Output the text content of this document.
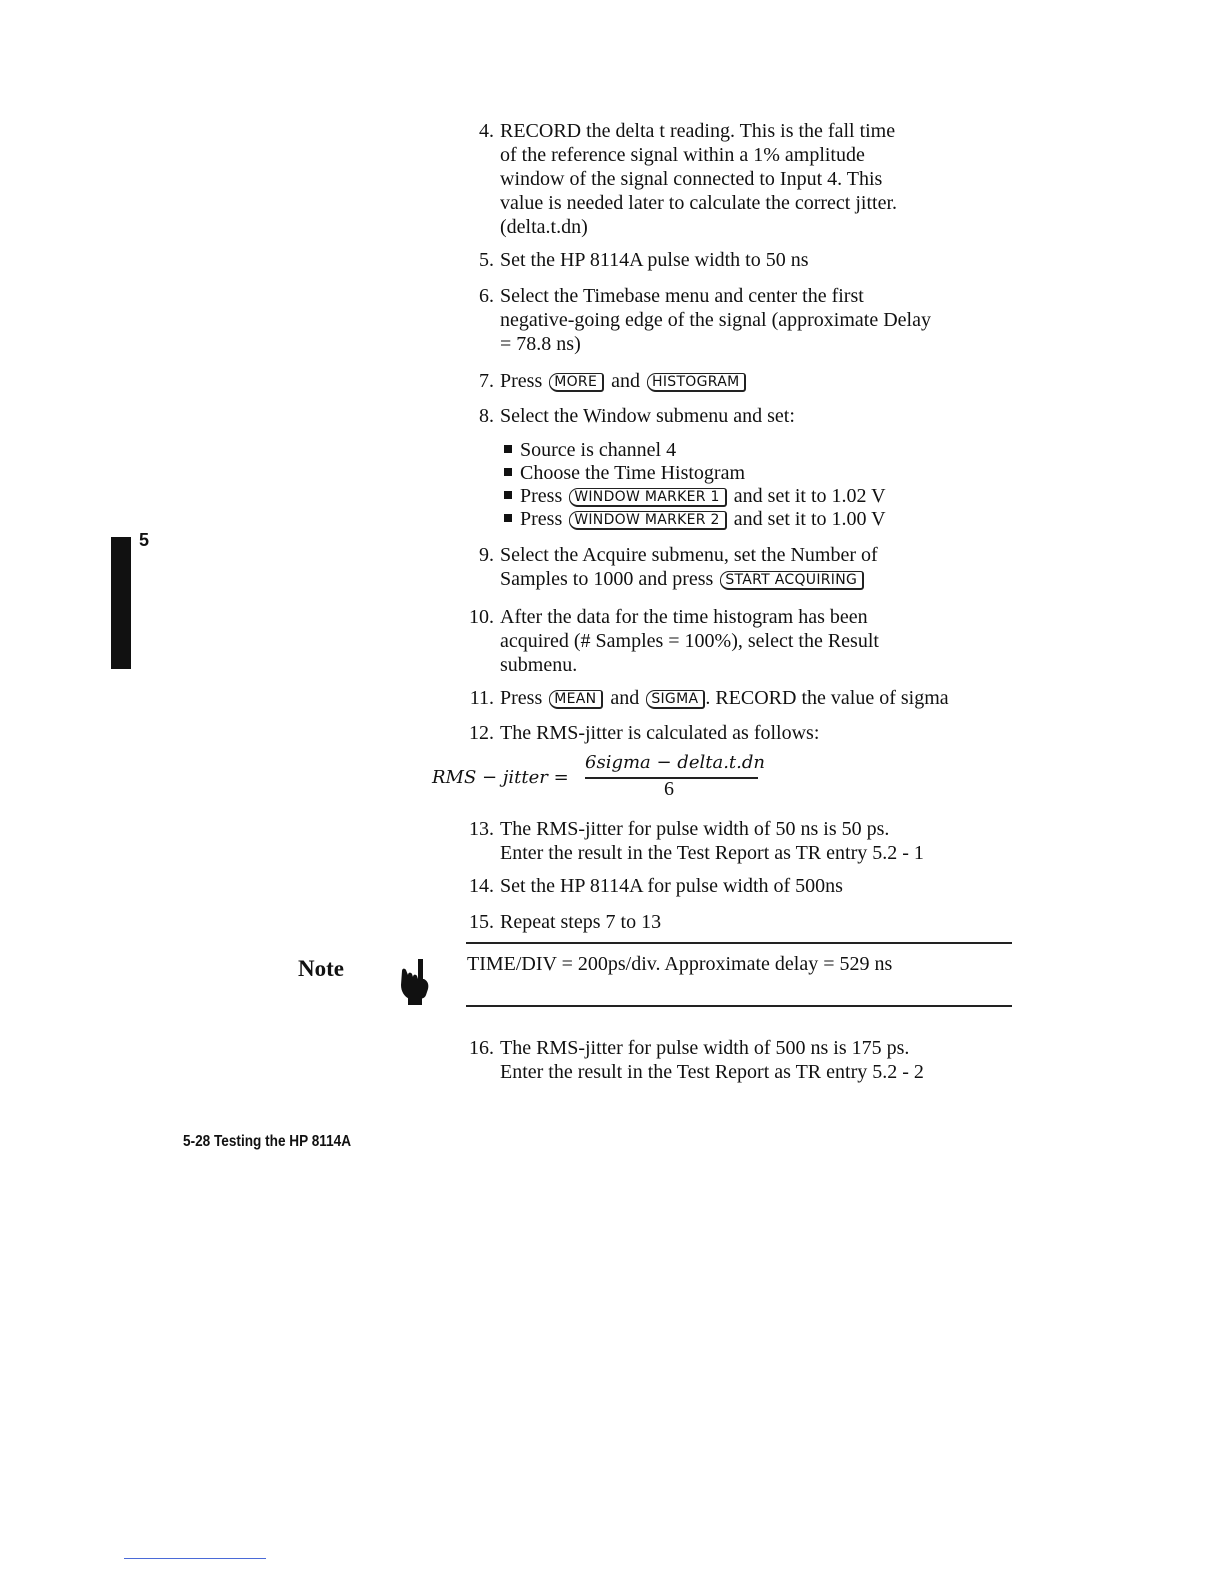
5
4. RECORD the delta t reading. This is the fall time
of the reference signal within a 1% amplitude
window of the signal connected to Input 4. This
value is needed later to calculate the correct jitter.
(delta.t.dn)
5. Set the HP 8114A pulse width to 50 ns
6. Select the Timebase menu and center the first
negative-going edge of the signal (approximate Delay
= 78.8 ns)
7. Press MORE and HISTOGRAM
8. Select the Window submenu and set:
Source is channel 4
Choose the Time Histogram
Press WINDOW MARKER 1 and set it to 1.02 V
Press WINDOW MARKER 2 and set it to 1.00 V
9. Select the Acquire submenu, set the Number of
Samples to 1000 and press START ACQUIRING
10. After the data for the time histogram has been
acquired (# Samples = 100%), select the Result
submenu.
11. Press MEAN and SIGMA . RECORD the value of sigma
12. The RMS-jitter is calculated as follows:
RMS − jitter =
6sigma − delta.t.dn
6
13. The RMS-jitter for pulse width of 50 ns is 50 ps.
Enter the result in the Test Report as TR entry 5.2 - 1
14. Set the HP 8114A for pulse width of 500ns
15. Repeat steps 7 to 13
Note	TIME/DIV = 200ps/div. Approximate delay = 529 ns
16. The RMS-jitter for pulse width of 500 ns is 175 ps.
Enter the result in the Test Report as TR entry 5.2 - 2
5-28 Testing the HP 8114A
